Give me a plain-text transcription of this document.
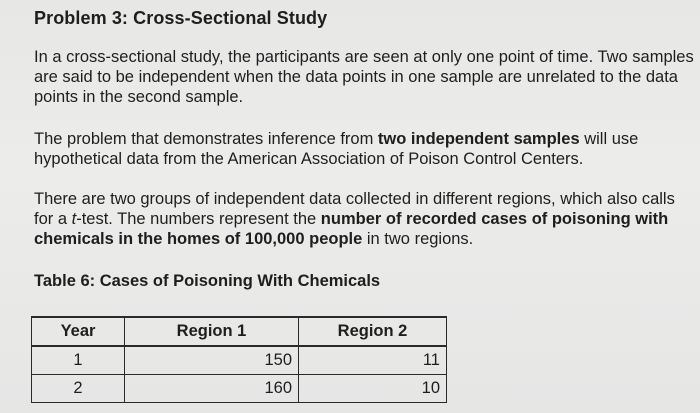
Problem 3: Cross-Sectional Study
In a cross-sectional study, the participants are seen at only one point of time. Two samples are said to be independent when the data points in one sample are unrelated to the data points in the second sample.
The problem that demonstrates inference from two independent samples will use hypothetical data from the American Association of Poison Control Centers.
There are two groups of independent data collected in different regions, which also calls for a t-test. The numbers represent the number of recorded cases of poisoning with chemicals in the homes of 100,000 people in two regions.
Table 6: Cases of Poisoning With Chemicals
Year	Region 1	Region 2
1	150	11
2	160	10
